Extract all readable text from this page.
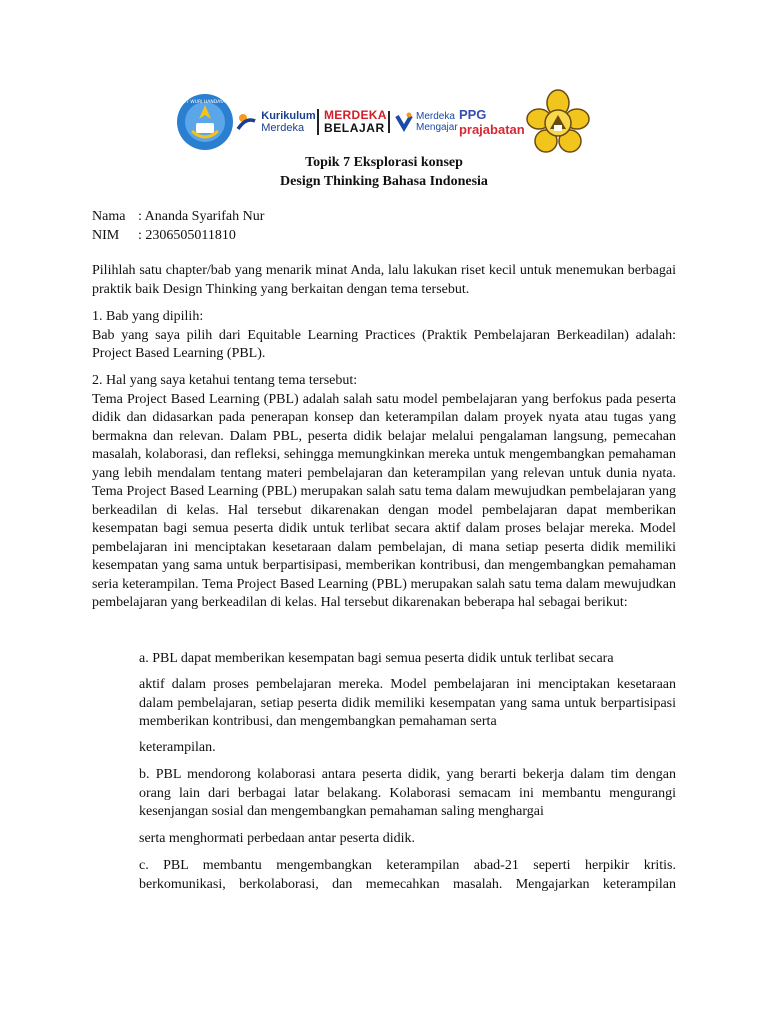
TUT WURI HANDAYANI
Kurikulum
Merdeka
MERDEKA
BELAJAR
Merdeka
Mengajar
PPG
prajabatan
Topik 7 Eksplorasi konsep
Design Thinking Bahasa Indonesia
Nama : Ananda Syarifah Nur
NIM : 2306505011810
Pilihlah satu chapter/bab yang menarik minat Anda, lalu lakukan riset kecil untuk menemukan berbagai praktik baik Design Thinking yang berkaitan dengan tema tersebut.
1. Bab yang dipilih:
Bab yang saya pilih dari Equitable Learning Practices (Praktik Pembelajaran Berkeadilan) adalah: Project Based Learning (PBL).
2. Hal yang saya ketahui tentang tema tersebut:
Tema Project Based Learning (PBL) adalah salah satu model pembelajaran yang berfokus pada peserta didik dan didasarkan pada penerapan konsep dan keterampilan dalam proyek nyata atau tugas yang bermakna dan relevan. Dalam PBL, peserta didik belajar melalui pengalaman langsung, pemecahan masalah, kolaborasi, dan refleksi, sehingga memungkinkan mereka untuk mengembangkan pemahaman yang lebih mendalam tentang materi pembelajaran dan keterampilan yang relevan untuk dunia nyata. Tema Project Based Learning (PBL) merupakan salah satu tema dalam mewujudkan pembelajaran yang berkeadilan di kelas. Hal tersebut dikarenakan dengan model pembelajaran dapat memberikan kesempatan bagi semua peserta didik untuk terlibat secara aktif dalam proses belajar mereka. Model pembelajaran ini menciptakan kesetaraan dalam pembelajan, di mana setiap peserta didik memiliki kesempatan yang sama untuk berpartisipasi, memberikan kontribusi, dan mengembangkan pemahaman seria keterampilan. Tema Project Based Learning (PBL) merupakan salah satu tema dalam mewujudkan pembelajaran yang berkeadilan di kelas. Hal tersebut dikarenakan beberapa hal sebagai berikut:
a. PBL dapat memberikan kesempatan bagi semua peserta didik untuk terlibat secara
aktif dalam proses pembelajaran mereka. Model pembelajaran ini menciptakan kesetaraan dalam pembelajaran, setiap peserta didik memiliki kesempatan yang sama untuk berpartisipasi memberikan kontribusi, dan mengembangkan pemahaman serta
keterampilan.
b. PBL mendorong kolaborasi antara peserta didik, yang berarti bekerja dalam tim dengan orang lain dari berbagai latar belakang. Kolaborasi semacam ini membantu mengurangi kesenjangan sosial dan mengembangkan pemahaman saling menghargai
serta menghormati perbedaan antar peserta didik.
c. PBL membantu mengembangkan keterampilan abad-21 seperti herpikir kritis. berkomunikasi, berkolaborasi, dan memecahkan masalah. Mengajarkan keterampilan
